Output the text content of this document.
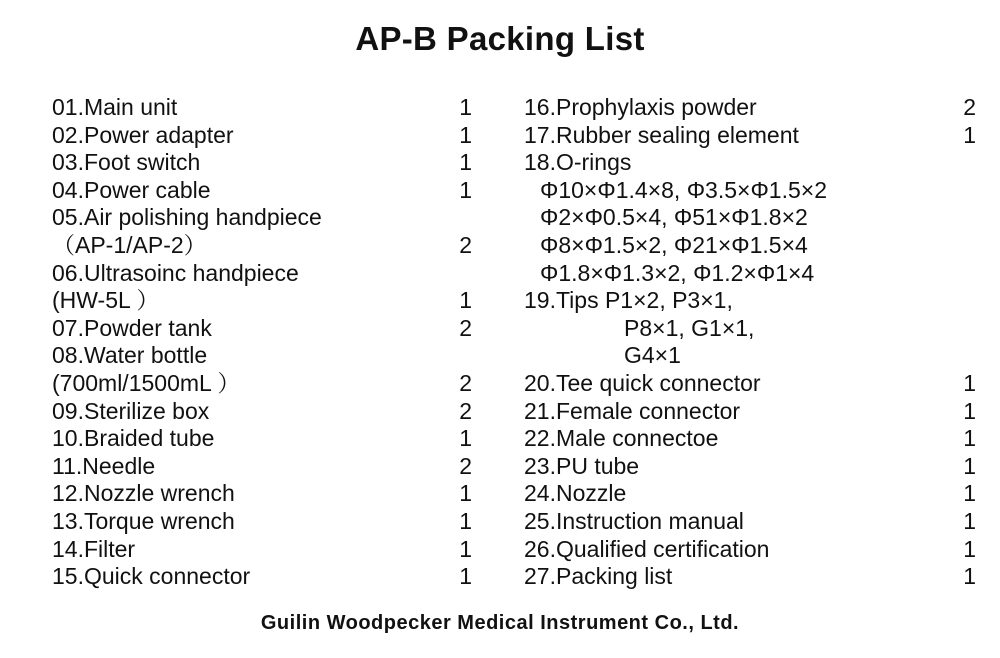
AP-B Packing List
01.Main unit	1
02.Power adapter	1
03.Foot switch	1
04.Power cable	1
05.Air polishing handpiece
（AP-1/AP-2）	2
06.Ultrasoinc handpiece
(HW-5L ）	1
07.Powder tank	2
08.Water bottle
(700ml/1500mL ）	2
09.Sterilize box	2
10.Braided tube	1
11.Needle	2
12.Nozzle wrench	1
13.Torque wrench	1
14.Filter	1
15.Quick connector	1
16.Prophylaxis powder	2
17.Rubber sealing element	1
18.O-rings
Φ10×Φ1.4×8, Φ3.5×Φ1.5×2
Φ2×Φ0.5×4, Φ51×Φ1.8×2
Φ8×Φ1.5×2, Φ21×Φ1.5×4
Φ1.8×Φ1.3×2, Φ1.2×Φ1×4
19.Tips P1×2, P3×1,
P8×1, G1×1,
G4×1
20.Tee quick connector	1
21.Female connector	1
22.Male connectoe	1
23.PU tube	1
24.Nozzle	1
25.Instruction manual	1
26.Qualified certification	1
27.Packing list	1
Guilin Woodpecker Medical Instrument Co., Ltd.
